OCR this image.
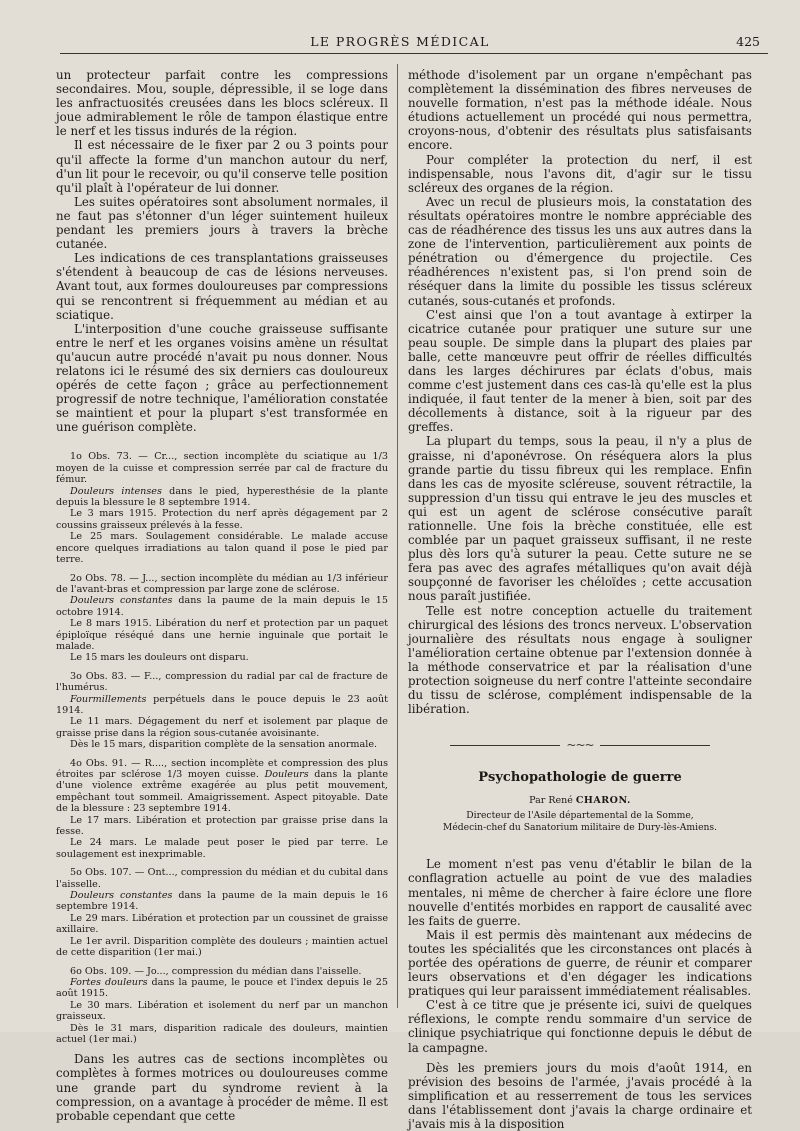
LE PROGRÈS MÉDICAL	425

un protecteur parfait contre les compressions secondaires. Mou, souple, dépressible, il se loge dans les anfractuosités creusées dans les blocs scléreux. Il joue admirablement le rôle de tampon élastique entre le nerf et les tissus indurés de la région.

Il est nécessaire de le fixer par 2 ou 3 points pour qu'il affecte la forme d'un manchon autour du nerf, d'un lit pour le recevoir, ou qu'il conserve telle position qu'il plaît à l'opérateur de lui donner.

Les suites opératoires sont absolument normales, il ne faut pas s'étonner d'un léger suintement huileux pendant les premiers jours à travers la brèche cutanée.

Les indications de ces transplantations graisseuses s'étendent à beaucoup de cas de lésions nerveuses. Avant tout, aux formes douloureuses par compressions qui se rencontrent si fréquemment au médian et au sciatique.

L'interposition d'une couche graisseuse suffisante entre le nerf et les organes voisins amène un résultat qu'aucun autre procédé n'avait pu nous donner. Nous relatons ici le résumé des six derniers cas douloureux opérés de cette façon ; grâce au perfectionnement progressif de notre technique, l'amélioration constatée se maintient et pour la plupart s'est transformée en une guérison complète.

1o Obs. 73. — Cr..., section incomplète du sciatique au 1/3 moyen de la cuisse et compression serrée par cal de fracture du fémur.

Douleurs intenses dans le pied, hyperesthésie de la plante depuis la blessure le 8 septembre 1914.

Le 3 mars 1915. Protection du nerf après dégagement par 2 coussins graisseux prélevés à la fesse.

Le 25 mars. Soulagement considérable. Le malade accuse encore quelques irradiations au talon quand il pose le pied par terre.

2o Obs. 78. — J..., section incomplète du médian au 1/3 inférieur de l'avant-bras et compression par large zone de sclérose.

Douleurs constantes dans la paume de la main depuis le 15 octobre 1914.

Le 8 mars 1915. Libération du nerf et protection par un paquet épiploïque réséqué dans une hernie inguinale que portait le malade.

Le 15 mars les douleurs ont disparu.

3o Obs. 83. — F..., compression du radial par cal de fracture de l'humérus.

Fourmillements perpétuels dans le pouce depuis le 23 août 1914.

Le 11 mars. Dégagement du nerf et isolement par plaque de graisse prise dans la région sous-cutanée avoisinante.

Dès le 15 mars, disparition complète de la sensation anormale.

4o Obs. 91. — R...., section incomplète et compression des plus étroites par sclérose 1/3 moyen cuisse. Douleurs dans la plante d'une violence extrême exagérée au plus petit mouvement, empêchant tout sommeil. Amaigrissement. Aspect pitoyable. Date de la blessure : 23 septembre 1914.

Le 17 mars. Libération et protection par graisse prise dans la fesse.

Le 24 mars. Le malade peut poser le pied par terre. Le soulagement est inexprimable.

5o Obs. 107. — Ont..., compression du médian et du cubital dans l'aisselle.

Douleurs constantes dans la paume de la main depuis le 16 septembre 1914.

Le 29 mars. Libération et protection par un coussinet de graisse axillaire.

Le 1er avril. Disparition complète des douleurs ; maintien actuel de cette disparition (1er mai.)

6o Obs. 109. — Jo..., compression du médian dans l'aisselle.

Fortes douleurs dans la paume, le pouce et l'index depuis le 25 août 1915.

Le 30 mars. Libération et isolement du nerf par un manchon graisseux.

Dès le 31 mars, disparition radicale des douleurs, maintien actuel (1er mai.)

Dans les autres cas de sections incomplètes ou complètes à formes motrices ou douloureuses comme une grande part du syndrome revient à la compression, on a avantage à procéder de même. Il est probable cependant que cette

méthode d'isolement par un organe n'empêchant pas complètement la dissémination des fibres nerveuses de nouvelle formation, n'est pas la méthode idéale. Nous étudions actuellement un procédé qui nous permettra, croyons-nous, d'obtenir des résultats plus satisfaisants encore.

Pour compléter la protection du nerf, il est indispensable, nous l'avons dit, d'agir sur le tissu scléreux des organes de la région.

Avec un recul de plusieurs mois, la constatation des résultats opératoires montre le nombre appréciable des cas de réadhérence des tissus les uns aux autres dans la zone de l'intervention, particulièrement aux points de pénétration ou d'émergence du projectile. Ces réadhérences n'existent pas, si l'on prend soin de réséquer dans la limite du possible les tissus scléreux cutanés, sous-cutanés et profonds.

C'est ainsi que l'on a tout avantage à extirper la cicatrice cutanée pour pratiquer une suture sur une peau souple. De simple dans la plupart des plaies par balle, cette manœuvre peut offrir de réelles difficultés dans les larges déchirures par éclats d'obus, mais comme c'est justement dans ces cas-là qu'elle est la plus indiquée, il faut tenter de la mener à bien, soit par des décollements à distance, soit à la rigueur par des greffes.

La plupart du temps, sous la peau, il n'y a plus de graisse, ni d'aponévrose. On réséquera alors la plus grande partie du tissu fibreux qui les remplace. Enfin dans les cas de myosite scléreuse, souvent rétractile, la suppression d'un tissu qui entrave le jeu des muscles et qui est un agent de sclérose consécutive paraît rationnelle. Une fois la brèche constituée, elle est comblée par un paquet graisseux suffisant, il ne reste plus dès lors qu'à suturer la peau. Cette suture ne se fera pas avec des agrafes métalliques qu'on avait déjà soupçonné de favoriser les chéloïdes ; cette accusation nous paraît justifiée.

Telle est notre conception actuelle du traitement chirurgical des lésions des troncs nerveux. L'observation journalière des résultats nous engage à souligner l'amélioration certaine obtenue par l'extension donnée à la méthode conservatrice et par la réalisation d'une protection soigneuse du nerf contre l'atteinte secondaire du tissu de sclérose, complément indispensable de la libération.

~~~
Psychopathologie de guerre
Par René CHARON.
Directeur de l'Asile départemental de la Somme,
Médecin-chef du Sanatorium militaire de Dury-lès-Amiens.

Le moment n'est pas venu d'établir le bilan de la conflagration actuelle au point de vue des maladies mentales, ni même de chercher à faire éclore une flore nouvelle d'entités morbides en rapport de causalité avec les faits de guerre.

Mais il est permis dès maintenant aux médecins de toutes les spécialités que les circonstances ont placés à portée des opérations de guerre, de réunir et comparer leurs observations et d'en dégager les indications pratiques qui leur paraissent immédiatement réalisables.

C'est à ce titre que je présente ici, suivi de quelques réflexions, le compte rendu sommaire d'un service de clinique psychiatrique qui fonctionne depuis le début de la campagne.

Dès les premiers jours du mois d'août 1914, en prévision des besoins de l'armée, j'avais procédé à la simplification et au resserrement de tous les services dans l'établissement dont j'avais la charge ordinaire et j'avais mis à la disposition
